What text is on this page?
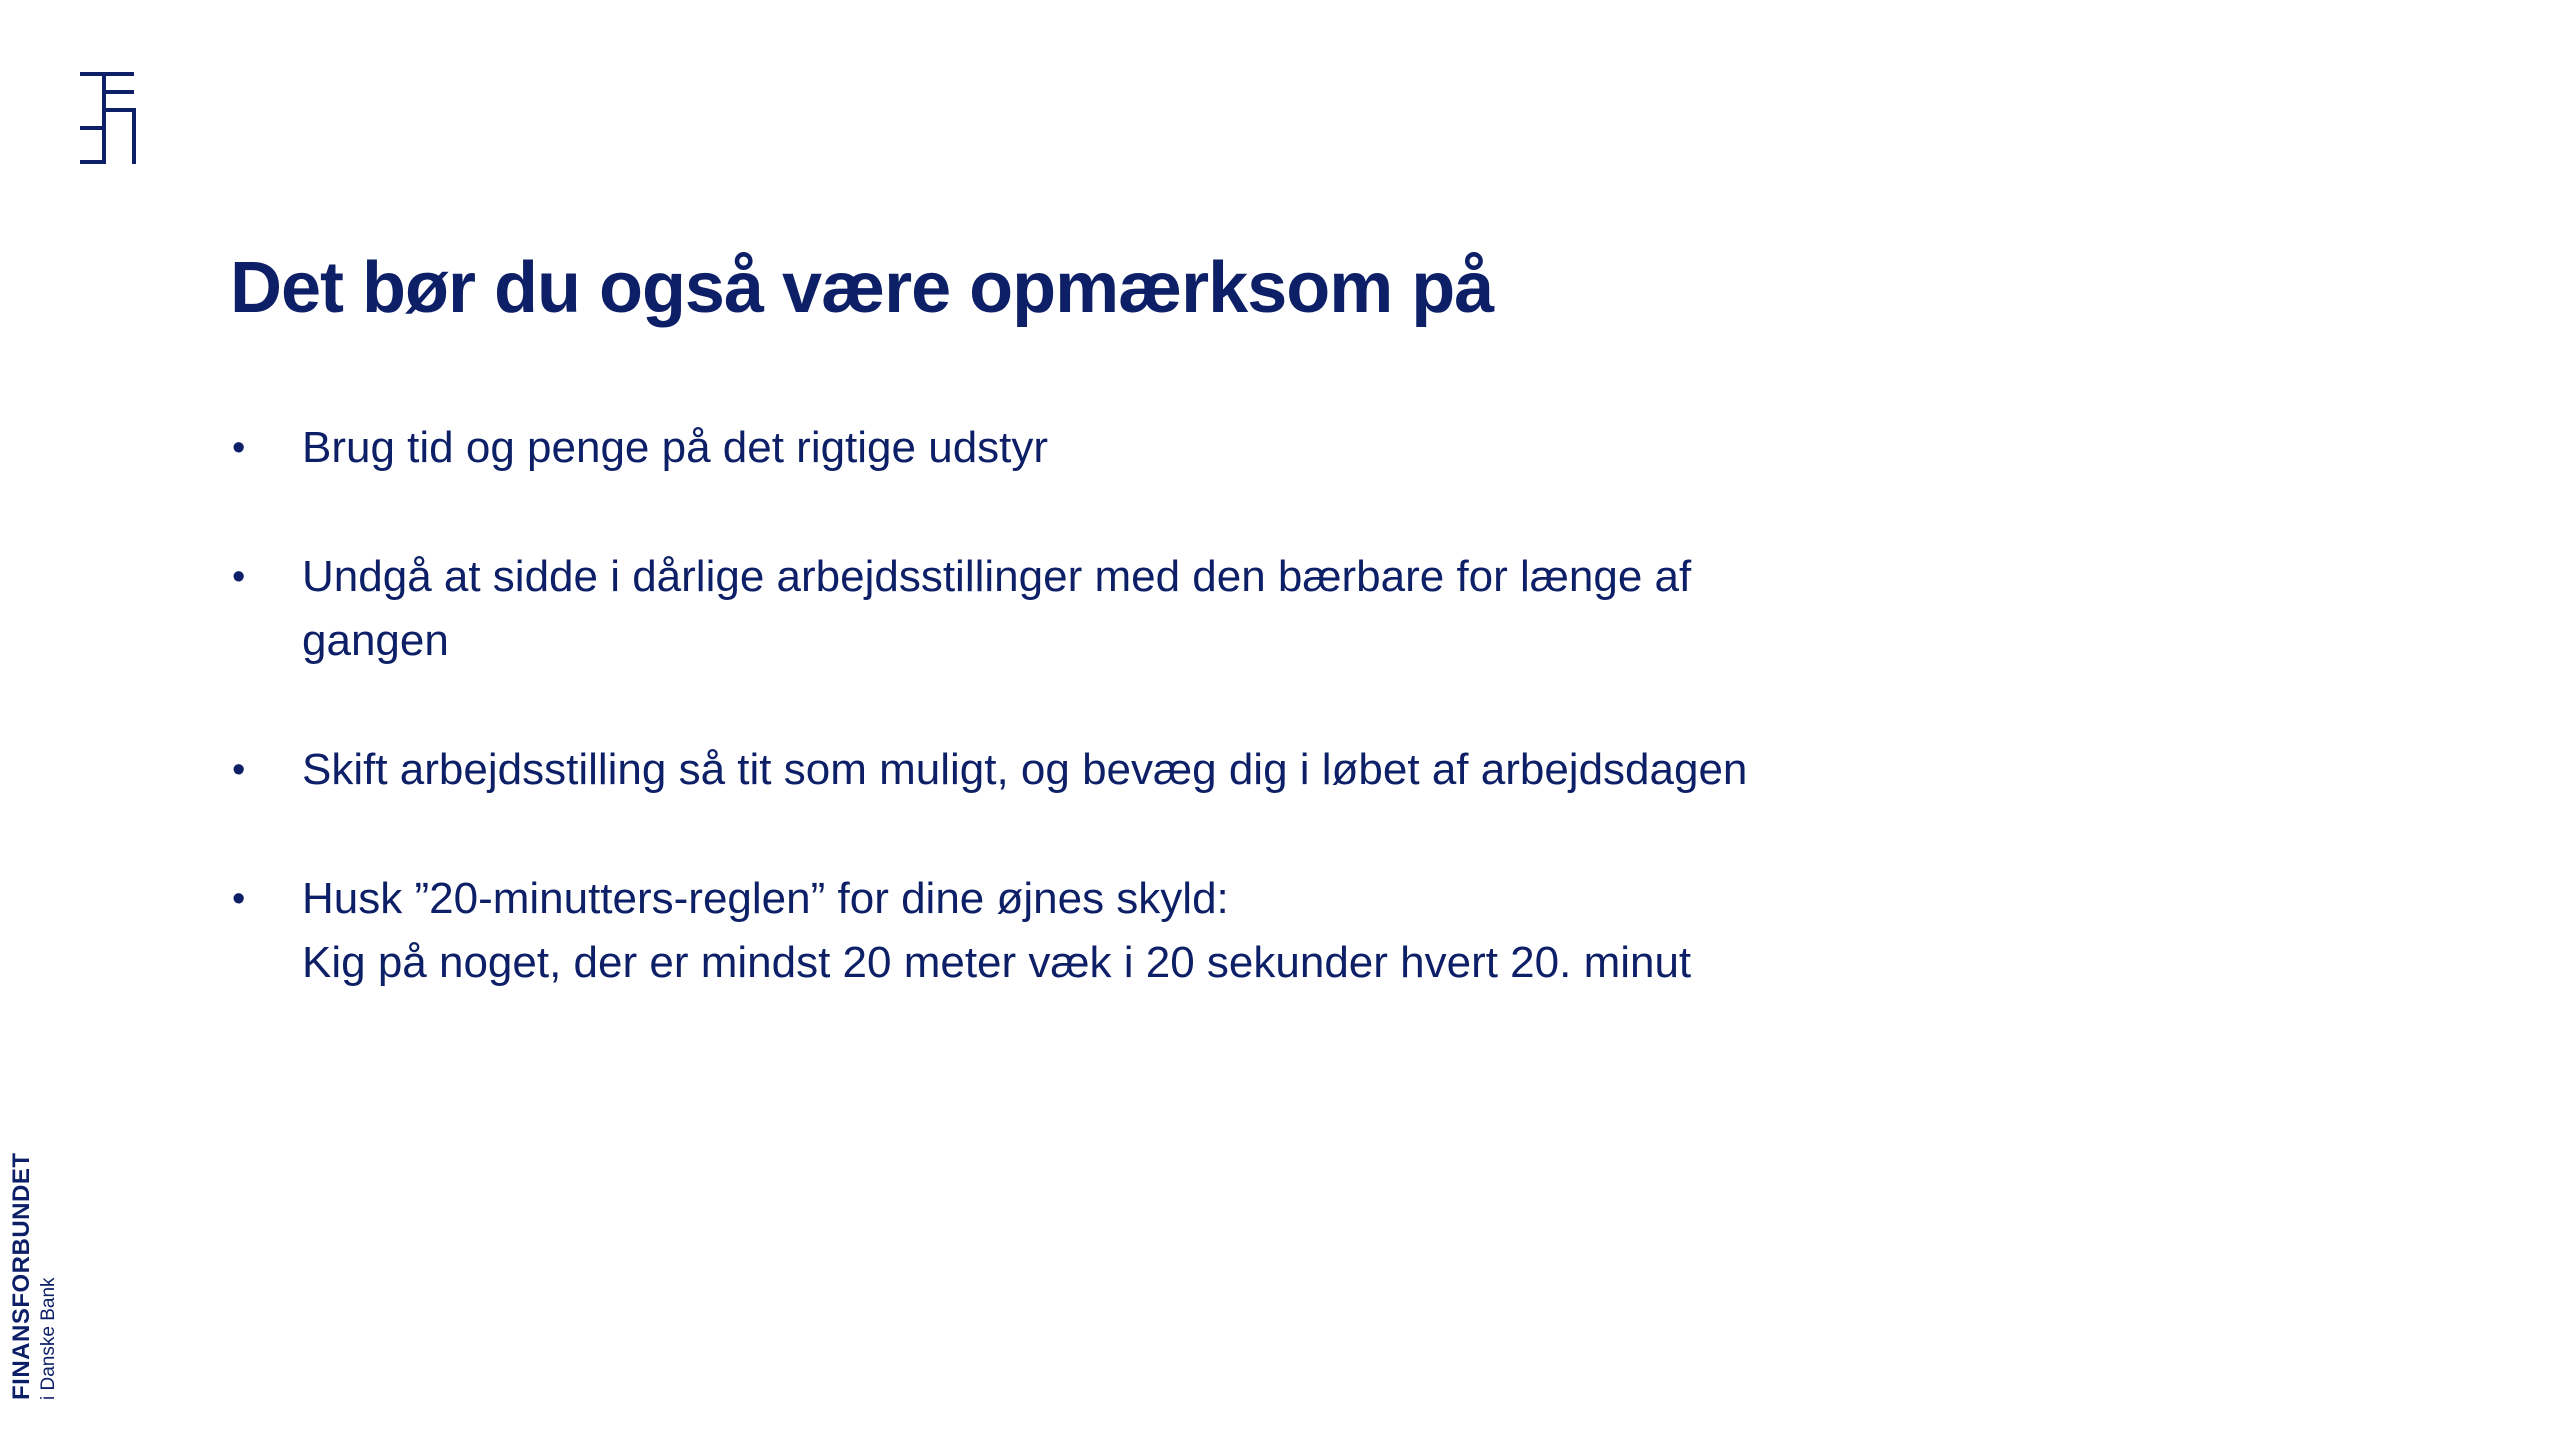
Det bør du også være opmærksom på
• Brug tid og penge på det rigtige udstyr
• Undgå at sidde i dårlige arbejdsstillinger med den bærbare for længe af
gangen
• Skift arbejdsstilling så tit som muligt, og bevæg dig i løbet af arbejdsdagen
• Husk ”20-minutters-reglen” for dine øjnes skyld:
Kig på noget, der er mindst 20 meter væk i 20 sekunder hvert 20. minut
FINANSFORBUNDET i Danske Bank
